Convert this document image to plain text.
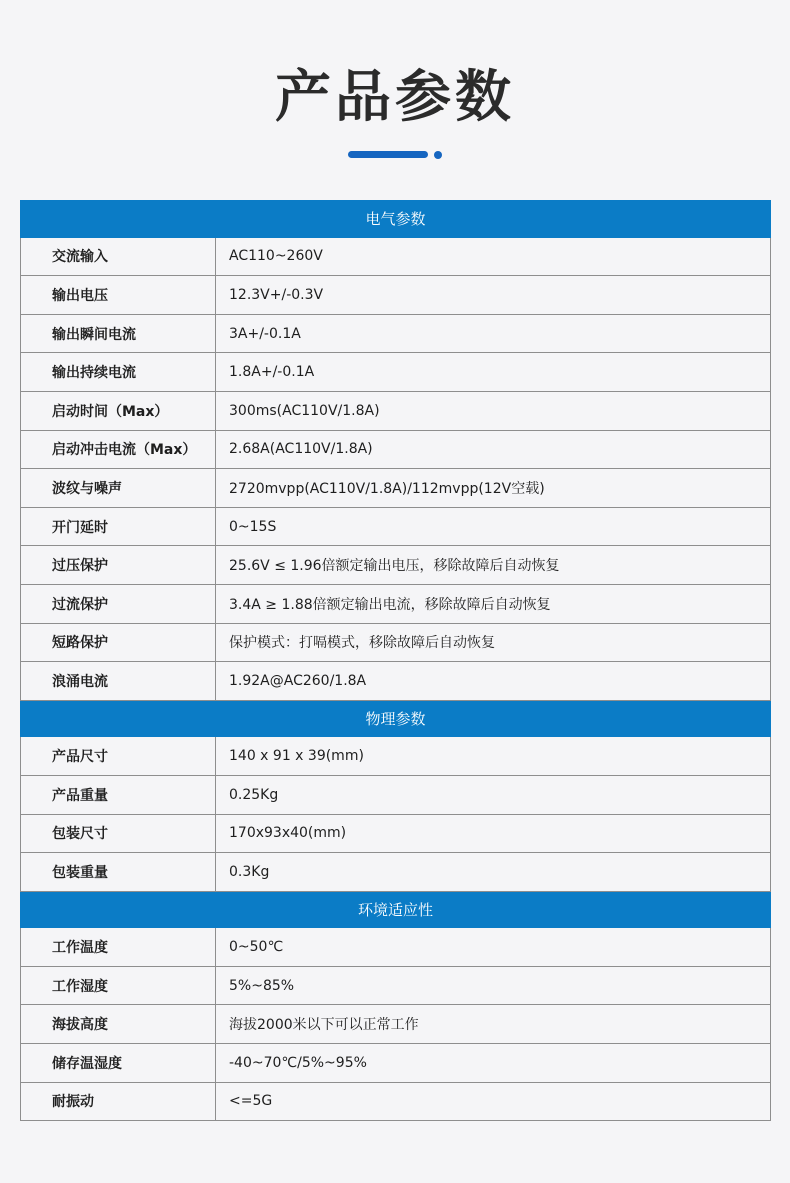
产品参数
电气参数	
交流输入	AC110~260V
输出电压	12.3V+/-0.3V
输出瞬间电流	3A+/-0.1A
输出持续电流	1.8A+/-0.1A
启动时间（Max）	300ms(AC110V/1.8A)
启动冲击电流（Max）	2.68A(AC110V/1.8A)
波纹与噪声	2720mvpp(AC110V/1.8A)/112mvpp(12V空载)
开门延时	0~15S
过压保护	25.6V ≤ 1.96倍额定输出电压，移除故障后自动恢复
过流保护	3.4A ≥ 1.88倍额定输出电流，移除故障后自动恢复
短路保护	保护模式：打嗝模式，移除故障后自动恢复
浪涌电流	1.92A@AC260/1.8A
物理参数	
产品尺寸	140 x 91 x 39(mm)
产品重量	0.25Kg
包装尺寸	170x93x40(mm)
包装重量	0.3Kg
环境适应性	
工作温度	0~50℃
工作湿度	5%~85%
海拔高度	海拔2000米以下可以正常工作
储存温湿度	-40~70℃/5%~95%
耐振动	<=5G
